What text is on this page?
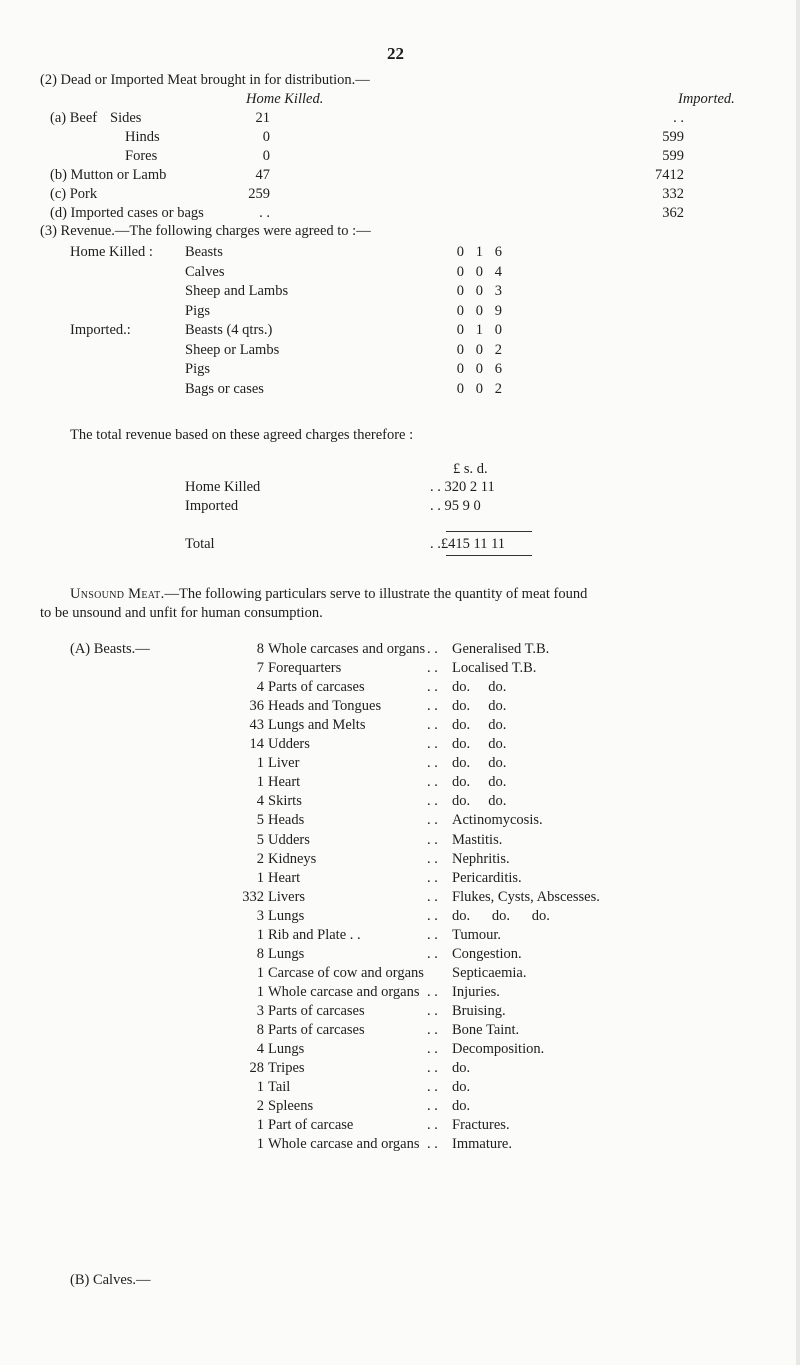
22
(2) Dead or Imported Meat brought in for distribution.—
Home Killed.	Imported.
(a) Beef Sides	21	. .
Hinds	0	599
Fores	0	599
(b) Mutton or Lamb	47	7412
(c) Pork	259	332
(d) Imported cases or bags	. .	362
(3) Revenue.—The following charges were agreed to :—
Home Killed : Beasts	0 1 6
Calves	0 0 4
Sheep and Lambs	0 0 3
Pigs	0 0 9
Imported.:	Beasts (4 qtrs.)	0 1 0
Sheep or Lambs	0 0 2
Pigs	0 0 6
Bags or cases	0 0 2
The total revenue based on these agreed charges therefore :
£ s. d.
Home Killed	. . 320 2 11
Imported	. . 95 9 0
Total	. .£415 11 11
Unsound Meat.—The following particulars serve to illustrate the quantity of meat found
to be unsound and unfit for human consumption.
(A) Beasts.—
(B) Calves.—
8 Whole carcases and organs . . Generalised T.B.
7 Forequarters	. . Localised T.B.
4 Parts of carcases	. . do.     do.
36 Heads and Tongues	. . do.     do.
43 Lungs and Melts	. . do.     do.
14 Udders	. . do.     do.
1 Liver	. . do.     do.
1 Heart	. . do.     do.
4 Skirts	. . do.     do.
5 Heads	. . Actinomycosis.
5 Udders	. . Mastitis.
2 Kidneys	. . Nephritis.
1 Heart	. . Pericarditis.
332 Livers	. . Flukes, Cysts, Abscesses.
3 Lungs	. . do.      do.      do.
1 Rib and Plate . .	. . Tumour.
8 Lungs	. . Congestion.
1 Carcase of cow and organs Septicaemia.
1 Whole carcase and organs . . Injuries.
3 Parts of carcases	. . Bruising.
8 Parts of carcases	. . Bone Taint.
4 Lungs	. . Decomposition.
28 Tripes	. . do.
1 Tail	. . do.
2 Spleens	. . do.
1 Part of carcase	. . Fractures.
1 Whole carcase and organs . . Immature.
